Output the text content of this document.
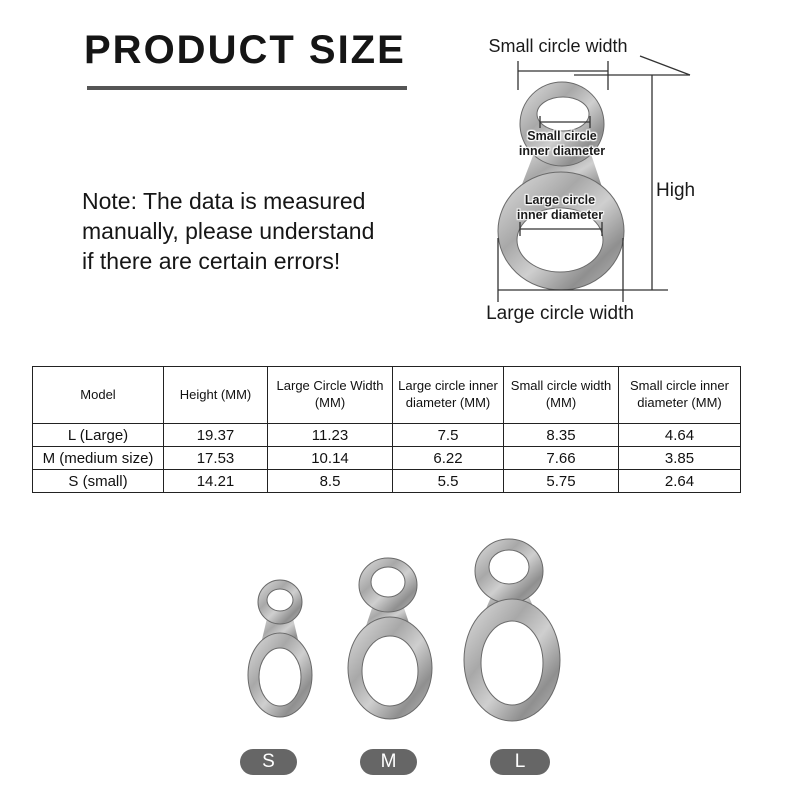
PRODUCT SIZE
Note: The data is measured
manually, please understand
if there are certain errors!
Small circle width
Small circle
inner diameter
Large circle
inner diameter
High
Large circle width
Model	Height (MM)	Large Circle Width (MM)	Large circle inner diameter (MM)	Small circle width (MM)	Small circle inner diameter (MM)
L (Large)	19.37	11.23	7.5	8.35	4.64
M (medium size)	17.53	10.14	6.22	7.66	3.85
S (small)	14.21	8.5	5.5	5.75	2.64
S	M	L
